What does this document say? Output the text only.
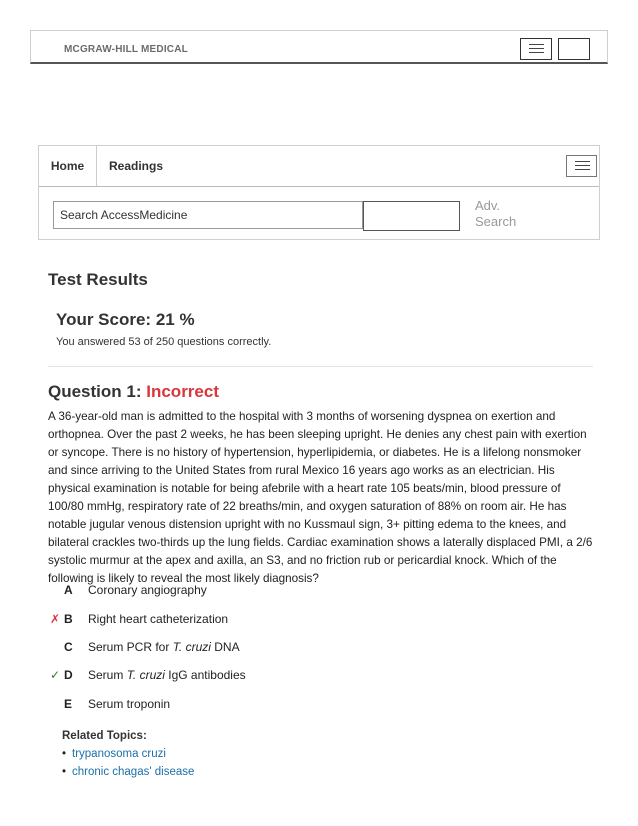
MCGRAW-HILL MEDICAL
Home	Readings
Search AccessMedicine
Adv.
Search
Test Results
Your Score: 21 %
You answered 53 of 250 questions correctly.
Question 1: Incorrect
A 36-year-old man is admitted to the hospital with 3 months of worsening dyspnea on exertion and orthopnea. Over the past 2 weeks, he has been sleeping upright. He denies any chest pain with exertion or syncope. There is no history of hypertension, hyperlipidemia, or diabetes. He is a lifelong nonsmoker and since arriving to the United States from rural Mexico 16 years ago works as an electrician. His physical examination is notable for being afebrile with a heart rate 105 beats/min, blood pressure of 100/80 mmHg, respiratory rate of 22 breaths/min, and oxygen saturation of 88% on room air. He has notable jugular venous distension upright with no Kussmaul sign, 3+ pitting edema to the knees, and bilateral crackles two-thirds up the lung fields. Cardiac examination shows a laterally displaced PMI, a 2/6 systolic murmur at the apex and axilla, an S3, and no friction rub or pericardial knock. Which of the following is likely to reveal the most likely diagnosis?
A Coronary angiography
✗ B Right heart catheterization
C Serum PCR for T. cruzi DNA
✓ D Serum T. cruzi IgG antibodies
E Serum troponin
Related Topics:
• trypanosoma cruzi
• chronic chagas' disease
